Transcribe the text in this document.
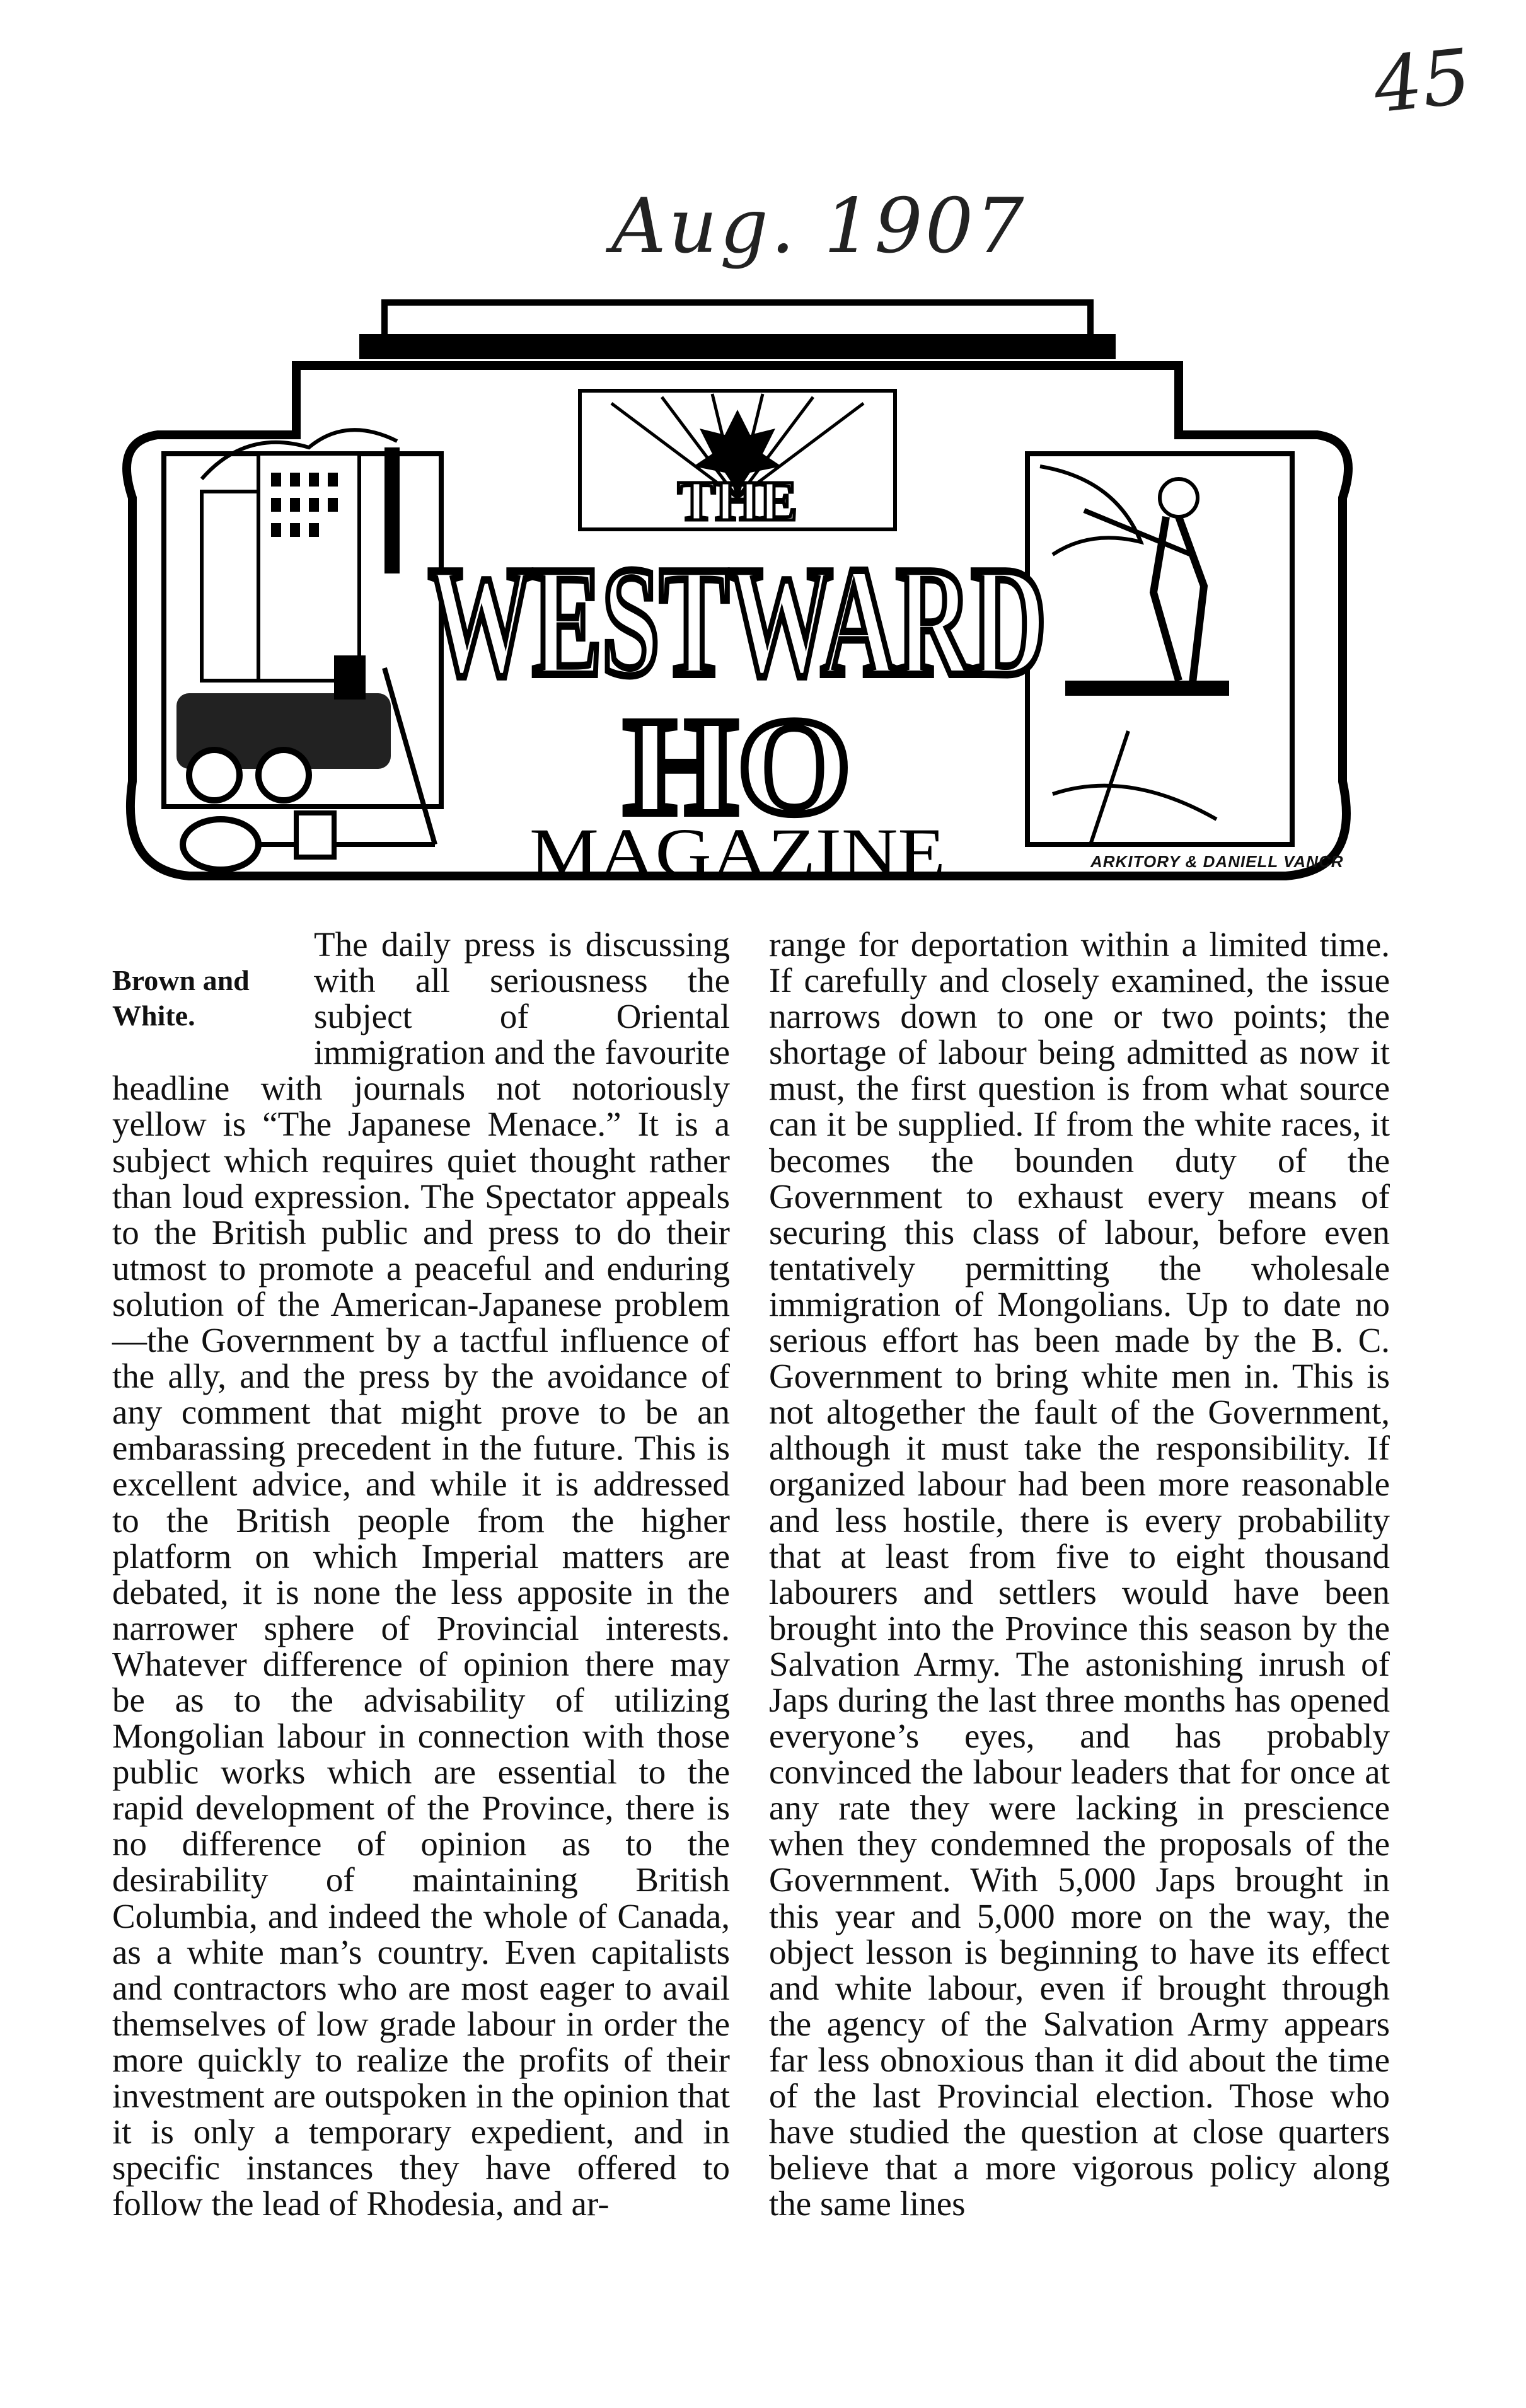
45
Aug. 1907
THE
WESTWARD
HO
MAGAZINE	ARKITORY & DANIELL VANCR
Brown and White.

The daily press is discussing with all seriousness the subject of Oriental immigration and the favourite headline with journals not notoriously yellow is “The Japanese Menace.” It is a subject which requires quiet thought rather than loud expression. The Spectator appeals to the British public and press to do their utmost to promote a peaceful and enduring solution of the American-Japanese problem—the Government by a tactful influence of the ally, and the press by the avoidance of any comment that might prove to be an embarassing precedent in the future. This is excellent advice, and while it is addressed to the British people from the higher platform on which Imperial matters are debated, it is none the less apposite in the narrower sphere of Provincial interests. Whatever difference of opinion there may be as to the advisability of utilizing Mongolian labour in connection with those public works which are essential to the rapid development of the Province, there is no difference of opinion as to the desirability of maintaining British Columbia, and indeed the whole of Canada, as a white man’s country. Even capitalists and contractors who are most eager to avail themselves of low grade labour in order the more quickly to realize the profits of their investment are outspoken in the opinion that it is only a temporary expedient, and in specific instances they have offered to follow the lead of Rhodesia, and ar-

range for deportation within a limited time. If carefully and closely examined, the issue narrows down to one or two points; the shortage of labour being admitted as now it must, the first question is from what source can it be supplied. If from the white races, it becomes the bounden duty of the Government to exhaust every means of securing this class of labour, before even tentatively permitting the wholesale immigration of Mongolians. Up to date no serious effort has been made by the B. C. Government to bring white men in. This is not altogether the fault of the Government, although it must take the responsibility. If organized labour had been more reasonable and less hostile, there is every probability that at least from five to eight thousand labourers and settlers would have been brought into the Province this season by the Salvation Army. The astonishing inrush of Japs during the last three months has opened everyone’s eyes, and has probably convinced the labour leaders that for once at any rate they were lacking in prescience when they condemned the proposals of the Government. With 5,000 Japs brought in this year and 5,000 more on the way, the object lesson is beginning to have its effect and white labour, even if brought through the agency of the Salvation Army appears far less obnoxious than it did about the time of the last Provincial election. Those who have studied the question at close quarters believe that a more vigorous policy along the same lines
